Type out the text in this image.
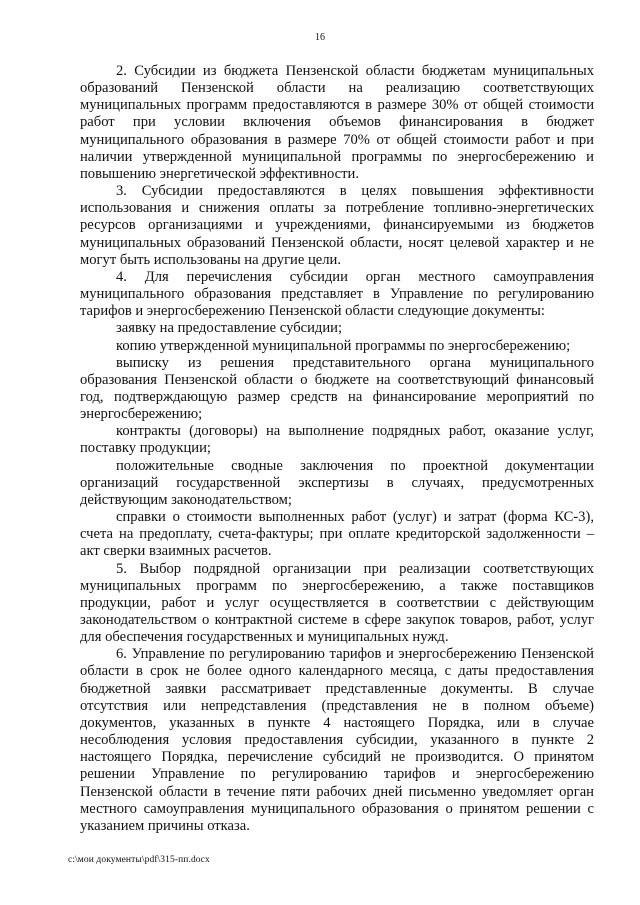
16

2. Субсидии из бюджета Пензенской области бюджетам муниципальных образований Пензенской области на реализацию соответствующих муниципальных программ предоставляются в размере 30% от общей стоимости работ при условии включения объемов финансирования в бюджет муниципального образования в размере 70% от общей стоимости работ и при наличии утвержденной муниципальной программы по энергосбережению и повышению энергетической эффективности.

3. Субсидии предоставляются в целях повышения эффективности использования и снижения оплаты за потребление топливно-энергетических ресурсов организациями и учреждениями, финансируемыми из бюджетов муниципальных образований Пензенской области, носят целевой характер и не могут быть использованы на другие цели.

4. Для перечисления субсидии орган местного самоуправления муниципального образования представляет в Управление по регулированию тарифов и энергосбережению Пензенской области следующие документы:

заявку на предоставление субсидии;

копию утвержденной муниципальной программы по энергосбережению;

выписку из решения представительного органа муниципального образования Пензенской области о бюджете на соответствующий финансовый год, подтверждающую размер средств на финансирование мероприятий по энергосбережению;

контракты (договоры) на выполнение подрядных работ, оказание услуг, поставку продукции;

положительные сводные заключения по проектной документации организаций государственной экспертизы в случаях, предусмотренных действующим законодательством;

справки о стоимости выполненных работ (услуг) и затрат (форма КС-3), счета на предоплату, счета-фактуры; при оплате кредиторской задолженности – акт сверки взаимных расчетов.

5. Выбор подрядной организации при реализации соответствующих муниципальных программ по энергосбережению, а также поставщиков продукции, работ и услуг осуществляется в соответствии с действующим законодательством о контрактной системе в сфере закупок товаров, работ, услуг для обеспечения государственных и муниципальных нужд.

6. Управление по регулированию тарифов и энергосбережению Пензенской области в срок не более одного календарного месяца, с даты предоставления бюджетной заявки рассматривает представленные документы. В случае отсутствия или непредставления (представления не в полном объеме) документов, указанных в пункте 4 настоящего Порядка, или в случае несоблюдения условия предоставления субсидии, указанного в пункте 2 настоящего Порядка, перечисление субсидий не производится. О принятом решении Управление по регулированию тарифов и энергосбережению Пензенской области в течение пяти рабочих дней письменно уведомляет орган местного самоуправления муниципального образования о принятом решении с указанием причины отказа.

c:\мои документы\pdf\315-пп.docx
